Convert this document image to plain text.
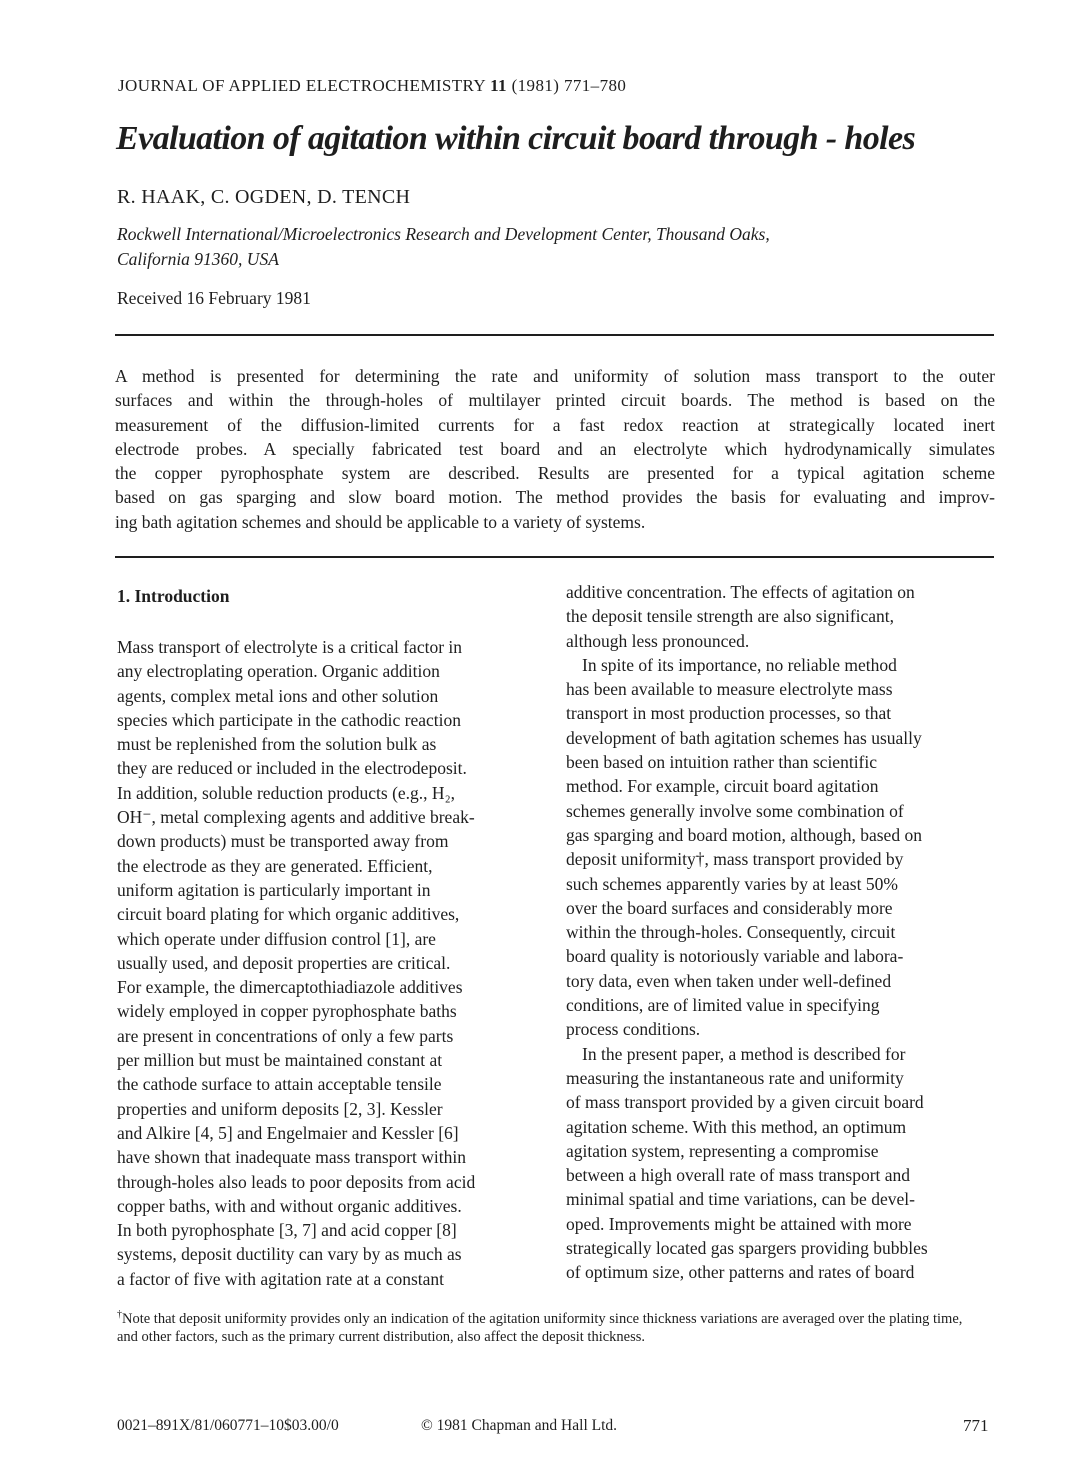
JOURNAL OF APPLIED ELECTROCHEMISTRY 11 (1981) 771–780
Evaluation of agitation within circuit board through - holes
R. HAAK, C. OGDEN, D. TENCH
Rockwell International/Microelectronics Research and Development Center, Thousand Oaks,
California 91360, USA
Received 16 February 1981
A method is presented for determining the rate and uniformity of solution mass transport to the outer
surfaces and within the through-holes of multilayer printed circuit boards. The method is based on the
measurement of the diffusion-limited currents for a fast redox reaction at strategically located inert
electrode probes. A specially fabricated test board and an electrolyte which hydrodynamically simulates
the copper pyrophosphate system are described. Results are presented for a typical agitation scheme
based on gas sparging and slow board motion. The method provides the basis for evaluating and improv-
ing bath agitation schemes and should be applicable to a variety of systems.
1. Introduction
Mass transport of electrolyte is a critical factor in
any electroplating operation. Organic addition
agents, complex metal ions and other solution
species which participate in the cathodic reaction
must be replenished from the solution bulk as
they are reduced or included in the electrodeposit.
In addition, soluble reduction products (e.g., H₂,
OH⁻, metal complexing agents and additive break-
down products) must be transported away from
the electrode as they are generated. Efficient,
uniform agitation is particularly important in
circuit board plating for which organic additives,
which operate under diffusion control [1], are
usually used, and deposit properties are critical.
For example, the dimercaptothiadiazole additives
widely employed in copper pyrophosphate baths
are present in concentrations of only a few parts
per million but must be maintained constant at
the cathode surface to attain acceptable tensile
properties and uniform deposits [2, 3]. Kessler
and Alkire [4, 5] and Engelmaier and Kessler [6]
have shown that inadequate mass transport within
through-holes also leads to poor deposits from acid
copper baths, with and without organic additives.
In both pyrophosphate [3, 7] and acid copper [8]
systems, deposit ductility can vary by as much as
a factor of five with agitation rate at a constant
additive concentration. The effects of agitation on
the deposit tensile strength are also significant,
although less pronounced.
In spite of its importance, no reliable method
has been available to measure electrolyte mass
transport in most production processes, so that
development of bath agitation schemes has usually
been based on intuition rather than scientific
method. For example, circuit board agitation
schemes generally involve some combination of
gas sparging and board motion, although, based on
deposit uniformity†, mass transport provided by
such schemes apparently varies by at least 50%
over the board surfaces and considerably more
within the through-holes. Consequently, circuit
board quality is notoriously variable and labora-
tory data, even when taken under well-defined
conditions, are of limited value in specifying
process conditions.
In the present paper, a method is described for
measuring the instantaneous rate and uniformity
of mass transport provided by a given circuit board
agitation scheme. With this method, an optimum
agitation system, representing a compromise
between a high overall rate of mass transport and
minimal spatial and time variations, can be devel-
oped. Improvements might be attained with more
strategically located gas spargers providing bubbles
of optimum size, other patterns and rates of board
†Note that deposit uniformity provides only an indication of the agitation uniformity since thickness variations are averaged over the plating time, and other factors, such as the primary current distribution, also affect the deposit thickness.
0021–891X/81/060771–10$03.00/0	© 1981 Chapman and Hall Ltd.	771
